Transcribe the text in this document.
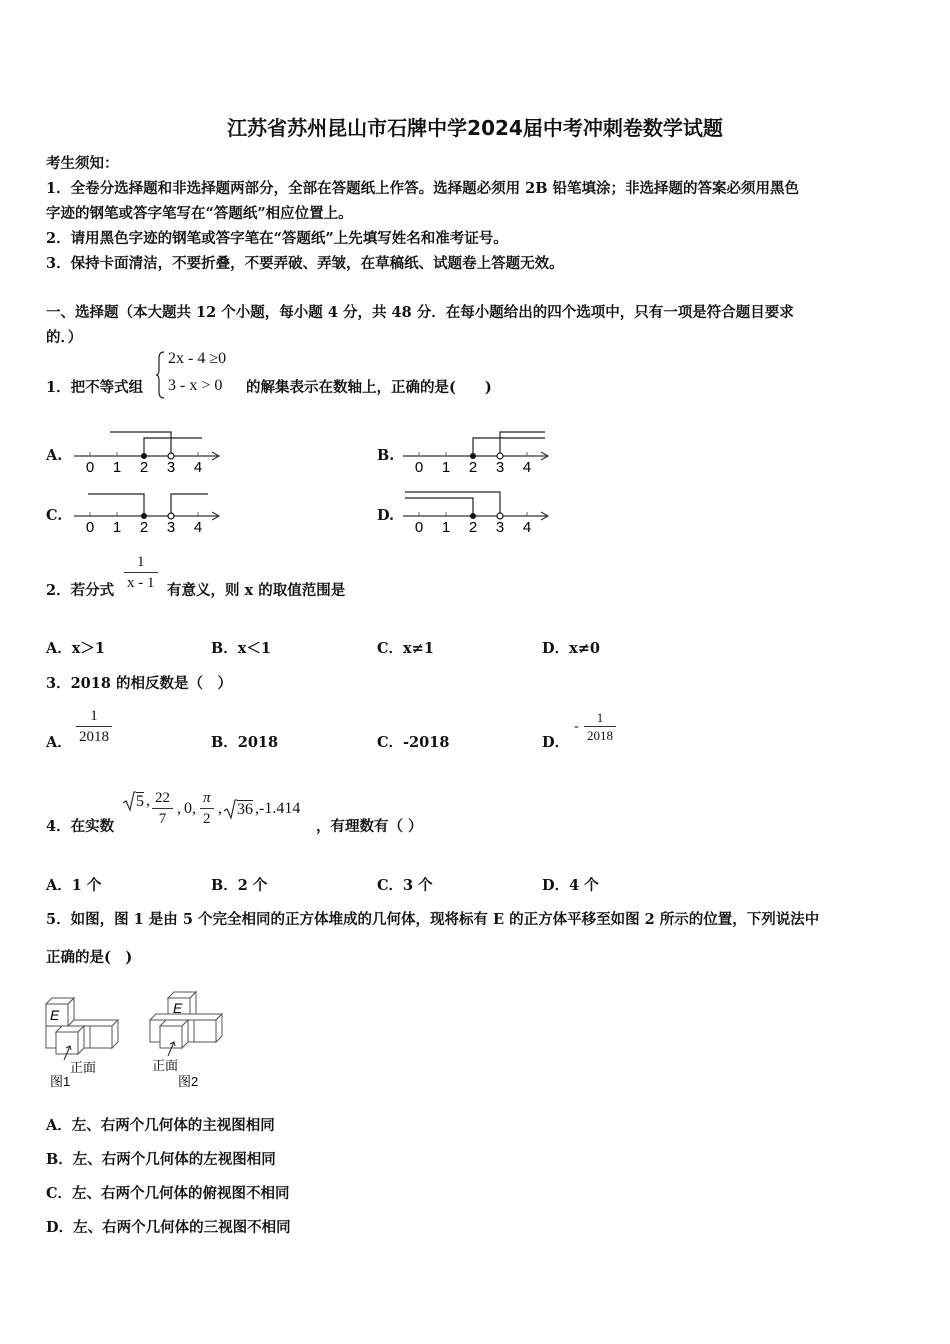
江苏省苏州昆山市石牌中学2024届中考冲刺卷数学试题
考生须知：
1．全卷分选择题和非选择题两部分，全部在答题纸上作答。选择题必须用 2B 铅笔填涂；非选择题的答案必须用黑色
字迹的钢笔或答字笔写在“答题纸”相应位置上。
2．请用黑色字迹的钢笔或答字笔在“答题纸”上先填写姓名和准考证号。
3．保持卡面清洁，不要折叠，不要弄破、弄皱，在草稿纸、试题卷上答题无效。
一、选择题（本大题共 12 个小题，每小题 4 分，共 48 分．在每小题给出的四个选项中，只有一项是符合题目要求
的．）
1．把不等式组
2x - 4 ≥0
3 - x > 0 的解集表示在数轴上，正确的是(　　)
A.
0 1 2 3 4
B.
0 1 2 3 4
C.
0 1 2 3 4
D.
0 1 2 3 4
2．若分式 $\frac{1}{x - 1}$ 有意义，则 x 的取值范围是
A．x＞1	B．x＜1	C．x≠1	D．x≠0
3．2018 的相反数是（　）
A． $\frac{1}{2018}$	B．2018	C．-2018	D．
- $\frac{1}{2018}$
4．在实数
5 , $\frac{22}{7}$ , 0, $\frac{\pi}{2}$ , 36 ,-1.414
，有理数有（ ）
A．1 个	B．2 个	C．3 个	D．4 个
5．如图，图 1 是由 5 个完全相同的正方体堆成的几何体，现将标有 E 的正方体平移至如图 2 所示的位置，下列说法中
正确的是(　)
E
正面
图1
E
正面
图2
A．左、右两个几何体的主视图相同
B．左、右两个几何体的左视图相同
C．左、右两个几何体的俯视图不相同
D．左、右两个几何体的三视图不相同
